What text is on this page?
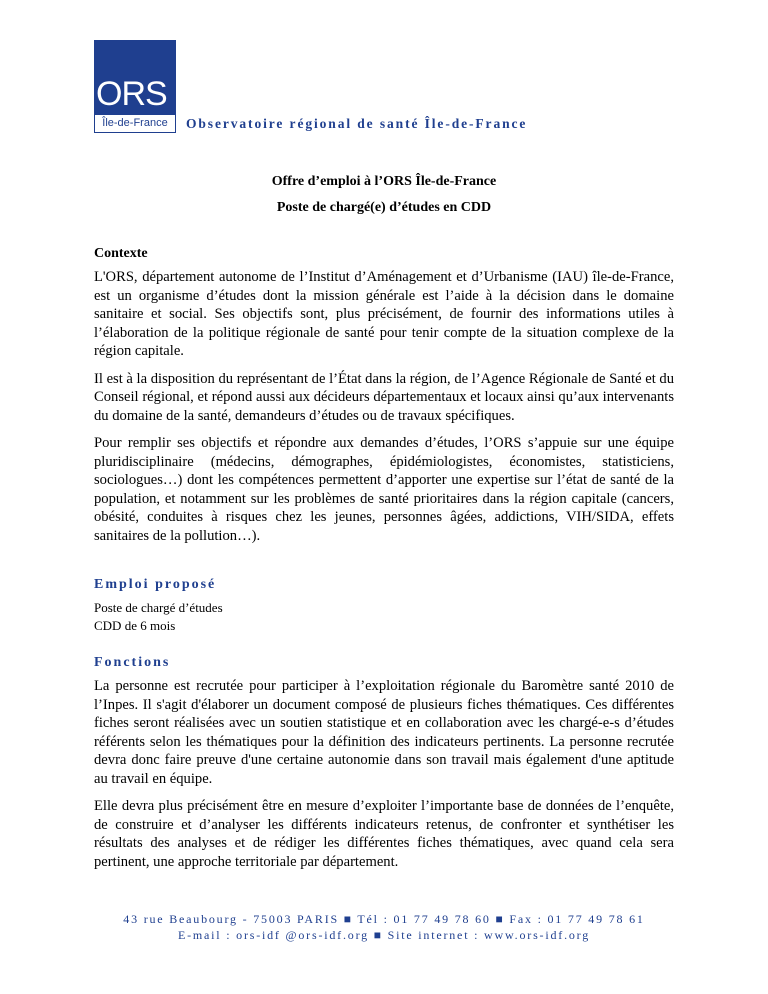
ORS
Île-de-France	Observatoire régional de santé Île-de-France
Offre d’emploi à l’ORS Île-de-France
Poste de chargé(e) d’études en CDD
Contexte

L'ORS, département autonome de l’Institut d’Aménagement et d’Urbanisme (IAU) île-de-France, est un organisme d’études dont la mission générale est l’aide à la décision dans le domaine sanitaire et social. Ses objectifs sont, plus précisément, de fournir des informations utiles à l’élaboration de la politique régionale de santé pour tenir compte de la situation complexe de la région capitale.

Il est à la disposition du représentant de l’État dans la région, de l’Agence Régionale de Santé et du Conseil régional, et répond aussi aux décideurs départementaux et locaux ainsi qu’aux intervenants du domaine de la santé, demandeurs d’études ou de travaux spécifiques.

Pour remplir ses objectifs et répondre aux demandes d’études, l’ORS s’appuie sur une équipe pluridisciplinaire (médecins, démographes, épidémiologistes, économistes, statisticiens, sociologues…) dont les compétences permettent d’apporter une expertise sur l’état de santé de la population, et notamment sur les problèmes de santé prioritaires dans la région capitale (cancers, obésité, conduites à risques chez les jeunes, personnes âgées, addictions, VIH/SIDA, effets sanitaires de la pollution…).

Emploi proposé
Poste de chargé d’études
CDD de 6 mois
Fonctions

La personne est recrutée pour participer à l’exploitation régionale du Baromètre santé 2010 de l’Inpes. Il s'agit d'élaborer un document composé de plusieurs fiches thématiques. Ces différentes fiches seront réalisées avec un soutien statistique et en collaboration avec les chargé-e-s d’études référents selon les thématiques pour la définition des indicateurs pertinents. La personne recrutée devra donc faire preuve d'une certaine autonomie dans son travail mais également d'une aptitude au travail en équipe.

Elle devra plus précisément être en mesure d’exploiter l’importante base de données de l’enquête, de construire et d’analyser les différents indicateurs retenus, de confronter et synthétiser les résultats des analyses et de rédiger les différentes fiches thématiques, avec quand cela sera pertinent, une approche territoriale par département.

43 rue Beaubourg - 75003 PARIS ■ Tél : 01 77 49 78 60 ■ Fax : 01 77 49 78 61
E-mail : ors-idf @ors-idf.org ■ Site internet : www.ors-idf.org
